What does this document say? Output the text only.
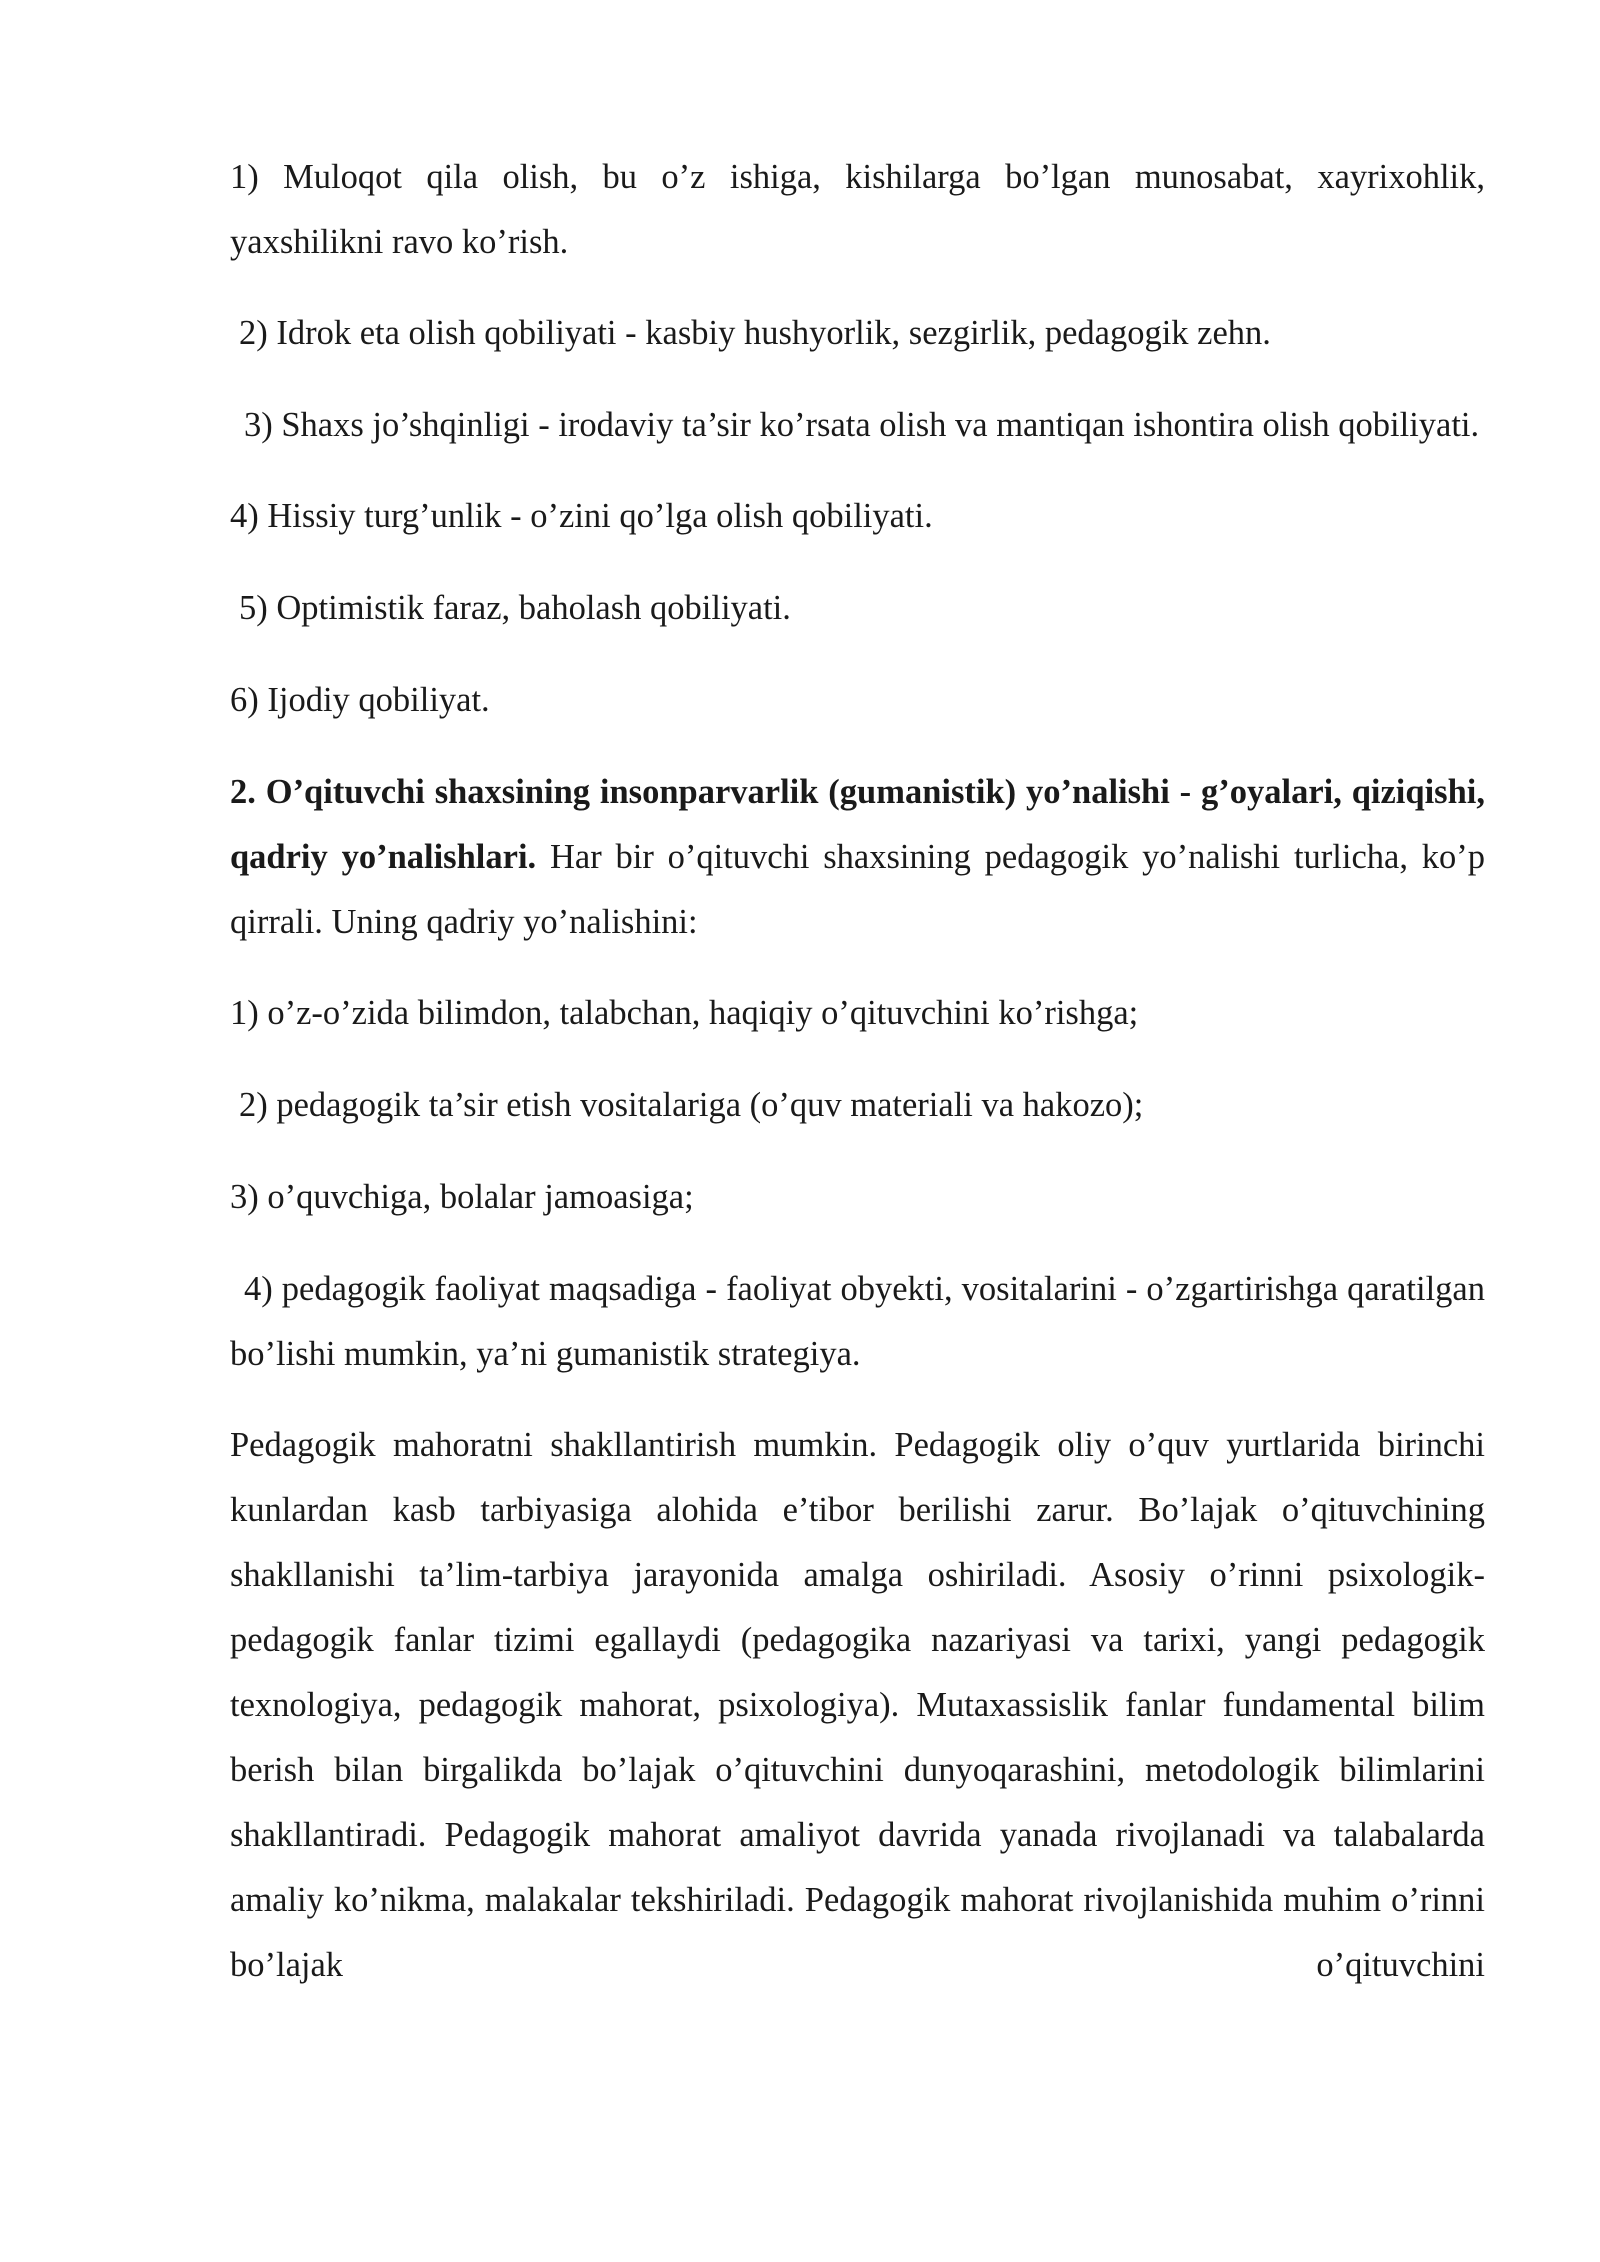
1) Muloqot qila olish, bu o’z ishiga, kishilarga bo’lgan munosabat, xayrixohlik, yaxshilikni ravo ko’rish.

2) Idrok eta olish qobiliyati - kasbiy hushyorlik, sezgirlik, pedagogik zehn.

3) Shaxs jo’shqinligi - irodaviy ta’sir ko’rsata olish va mantiqan ishontira olish qobiliyati.

4) Hissiy turg’unlik - o’zini qo’lga olish qobiliyati.

5) Optimistik faraz, baholash qobiliyati.

6) Ijodiy qobiliyat.

2. O’qituvchi shaxsining insonparvarlik (gumanistik) yo’nalishi - g’oyalari, qiziqishi, qadriy yo’nalishlari. Har bir o’qituvchi shaxsining pedagogik yo’nalishi turlicha, ko’p qirrali. Uning qadriy yo’nalishini:

1) o’z-o’zida bilimdon, talabchan, haqiqiy o’qituvchini ko’rishga;

2) pedagogik ta’sir etish vositalariga (o’quv materiali va hakozo);

3) o’quvchiga, bolalar jamoasiga;

4) pedagogik faoliyat maqsadiga - faoliyat obyekti, vositalarini - o’zgartirishga qaratilgan bo’lishi mumkin, ya’ni gumanistik strategiya.

Pedagogik mahoratni shakllantirish mumkin. Pedagogik oliy o’quv yurtlarida birinchi kunlardan kasb tarbiyasiga alohida e’tibor berilishi zarur. Bo’lajak o’qituvchining shakllanishi ta’lim-tarbiya jarayonida amalga oshiriladi. Asosiy o’rinni psixologik-pedagogik fanlar tizimi egallaydi (pedagogika nazariyasi va tarixi, yangi pedagogik texnologiya, pedagogik mahorat, psixologiya). Mutaxassislik fanlar fundamental bilim berish bilan birgalikda bo’lajak o’qituvchini dunyoqarashini, metodologik bilimlarini shakllantiradi. Pedagogik mahorat amaliyot davrida yanada rivojlanadi va talabalarda amaliy ko’nikma, malakalar tekshiriladi. Pedagogik mahorat rivojlanishida muhim o’rinni bo’lajak o’qituvchini
